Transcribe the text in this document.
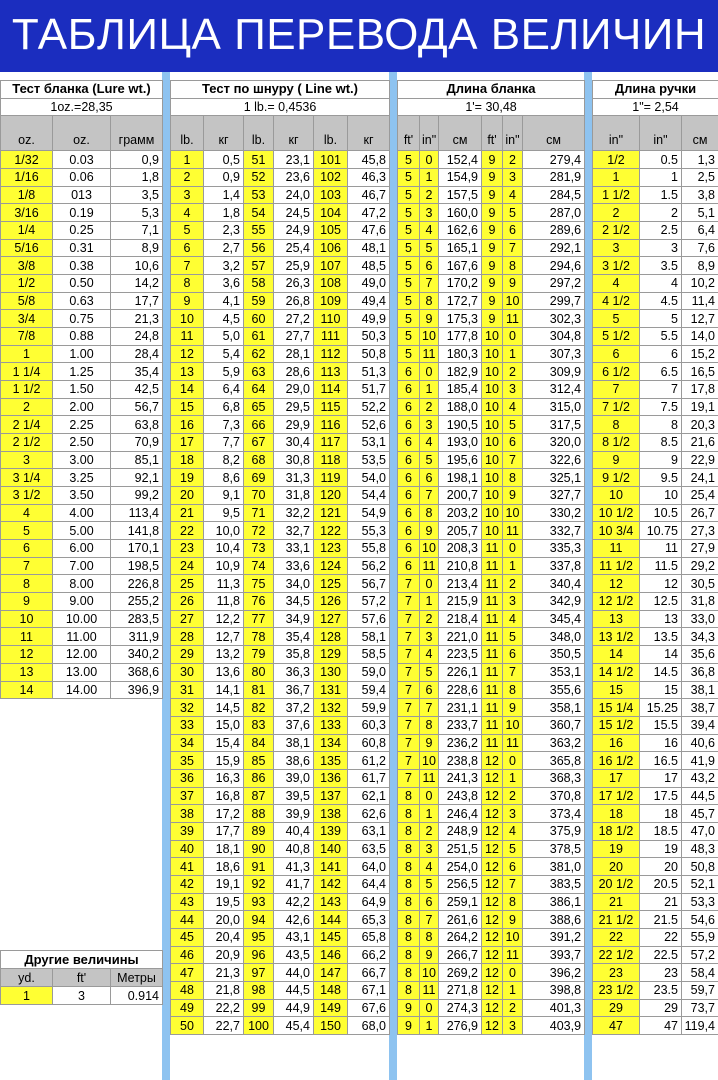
ТАБЛИЦА ПЕРЕВОДА ВЕЛИЧИН
Тест бланка (Lure wt.)		
1oz.=28,35		
oz.	oz.	грамм
1/32	0.03	0,9
1/16	0.06	1,8
1/8	013	3,5
3/16	0.19	5,3
1/4	0.25	7,1
5/16	0.31	8,9
3/8	0.38	10,6
1/2	0.50	14,2
5/8	0.63	17,7
3/4	0.75	21,3
7/8	0.88	24,8
1	1.00	28,4
1 1/4	1.25	35,4
1 1/2	1.50	42,5
2	2.00	56,7
2 1/4	2.25	63,8
2 1/2	2.50	70,9
3	3.00	85,1
3 1/4	3.25	92,1
3 1/2	3.50	99,2
4	4.00	113,4
5	5.00	141,8
6	6.00	170,1
7	7.00	198,5
8	8.00	226,8
9	9.00	255,2
10	10.00	283,5
11	11.00	311,9
12	12.00	340,2
13	13.00	368,6
14	14.00	396,9
Тест по шнуру ( Line wt.)					
1 lb.= 0,4536					
lb.	кг	lb.	кг	lb.	кг
1	0,5	51	23,1	101	45,8
2	0,9	52	23,6	102	46,3
3	1,4	53	24,0	103	46,7
4	1,8	54	24,5	104	47,2
5	2,3	55	24,9	105	47,6
6	2,7	56	25,4	106	48,1
7	3,2	57	25,9	107	48,5
8	3,6	58	26,3	108	49,0
9	4,1	59	26,8	109	49,4
10	4,5	60	27,2	110	49,9
11	5,0	61	27,7	111	50,3
12	5,4	62	28,1	112	50,8
13	5,9	63	28,6	113	51,3
14	6,4	64	29,0	114	51,7
15	6,8	65	29,5	115	52,2
16	7,3	66	29,9	116	52,6
17	7,7	67	30,4	117	53,1
18	8,2	68	30,8	118	53,5
19	8,6	69	31,3	119	54,0
20	9,1	70	31,8	120	54,4
21	9,5	71	32,2	121	54,9
22	10,0	72	32,7	122	55,3
23	10,4	73	33,1	123	55,8
24	10,9	74	33,6	124	56,2
25	11,3	75	34,0	125	56,7
26	11,8	76	34,5	126	57,2
27	12,2	77	34,9	127	57,6
28	12,7	78	35,4	128	58,1
29	13,2	79	35,8	129	58,5
30	13,6	80	36,3	130	59,0
31	14,1	81	36,7	131	59,4
32	14,5	82	37,2	132	59,9
33	15,0	83	37,6	133	60,3
34	15,4	84	38,1	134	60,8
35	15,9	85	38,6	135	61,2
36	16,3	86	39,0	136	61,7
37	16,8	87	39,5	137	62,1
38	17,2	88	39,9	138	62,6
39	17,7	89	40,4	139	63,1
40	18,1	90	40,8	140	63,5
41	18,6	91	41,3	141	64,0
42	19,1	92	41,7	142	64,4
43	19,5	93	42,2	143	64,9
44	20,0	94	42,6	144	65,3
45	20,4	95	43,1	145	65,8
46	20,9	96	43,5	146	66,2
47	21,3	97	44,0	147	66,7
48	21,8	98	44,5	148	67,1
49	22,2	99	44,9	149	67,6
50	22,7	100	45,4	150	68,0
Длина бланка					
1'= 30,48					
ft'	in"	см	ft'	in"	см
5	0	152,4	9	2	279,4
5	1	154,9	9	3	281,9
5	2	157,5	9	4	284,5
5	3	160,0	9	5	287,0
5	4	162,6	9	6	289,6
5	5	165,1	9	7	292,1
5	6	167,6	9	8	294,6
5	7	170,2	9	9	297,2
5	8	172,7	9	10	299,7
5	9	175,3	9	11	302,3
5	10	177,8	10	0	304,8
5	11	180,3	10	1	307,3
6	0	182,9	10	2	309,9
6	1	185,4	10	3	312,4
6	2	188,0	10	4	315,0
6	3	190,5	10	5	317,5
6	4	193,0	10	6	320,0
6	5	195,6	10	7	322,6
6	6	198,1	10	8	325,1
6	7	200,7	10	9	327,7
6	8	203,2	10	10	330,2
6	9	205,7	10	11	332,7
6	10	208,3	11	0	335,3
6	11	210,8	11	1	337,8
7	0	213,4	11	2	340,4
7	1	215,9	11	3	342,9
7	2	218,4	11	4	345,4
7	3	221,0	11	5	348,0
7	4	223,5	11	6	350,5
7	5	226,1	11	7	353,1
7	6	228,6	11	8	355,6
7	7	231,1	11	9	358,1
7	8	233,7	11	10	360,7
7	9	236,2	11	11	363,2
7	10	238,8	12	0	365,8
7	11	241,3	12	1	368,3
8	0	243,8	12	2	370,8
8	1	246,4	12	3	373,4
8	2	248,9	12	4	375,9
8	3	251,5	12	5	378,5
8	4	254,0	12	6	381,0
8	5	256,5	12	7	383,5
8	6	259,1	12	8	386,1
8	7	261,6	12	9	388,6
8	8	264,2	12	10	391,2
8	9	266,7	12	11	393,7
8	10	269,2	12	0	396,2
8	11	271,8	12	1	398,8
9	0	274,3	12	2	401,3
9	1	276,9	12	3	403,9
Длина ручки		
1"= 2,54		
in"	in"	см
1/2	0.5	1,3
1	1	2,5
1 1/2	1.5	3,8
2	2	5,1
2 1/2	2.5	6,4
3	3	7,6
3 1/2	3.5	8,9
4	4	10,2
4 1/2	4.5	11,4
5	5	12,7
5 1/2	5.5	14,0
6	6	15,2
6 1/2	6.5	16,5
7	7	17,8
7 1/2	7.5	19,1
8	8	20,3
8 1/2	8.5	21,6
9	9	22,9
9 1/2	9.5	24,1
10	10	25,4
10 1/2	10.5	26,7
10 3/4	10.75	27,3
11	11	27,9
11 1/2	11.5	29,2
12	12	30,5
12 1/2	12.5	31,8
13	13	33,0
13 1/2	13.5	34,3
14	14	35,6
14 1/2	14.5	36,8
15	15	38,1
15 1/4	15.25	38,7
15 1/2	15.5	39,4
16	16	40,6
16 1/2	16.5	41,9
17	17	43,2
17 1/2	17.5	44,5
18	18	45,7
18 1/2	18.5	47,0
19	19	48,3
20	20	50,8
20 1/2	20.5	52,1
21	21	53,3
21 1/2	21.5	54,6
22	22	55,9
22 1/2	22.5	57,2
23	23	58,4
23 1/2	23.5	59,7
29	29	73,7
47	47	119,4
Другие величины		
yd.	ft'	Метры
1	3	0.914
